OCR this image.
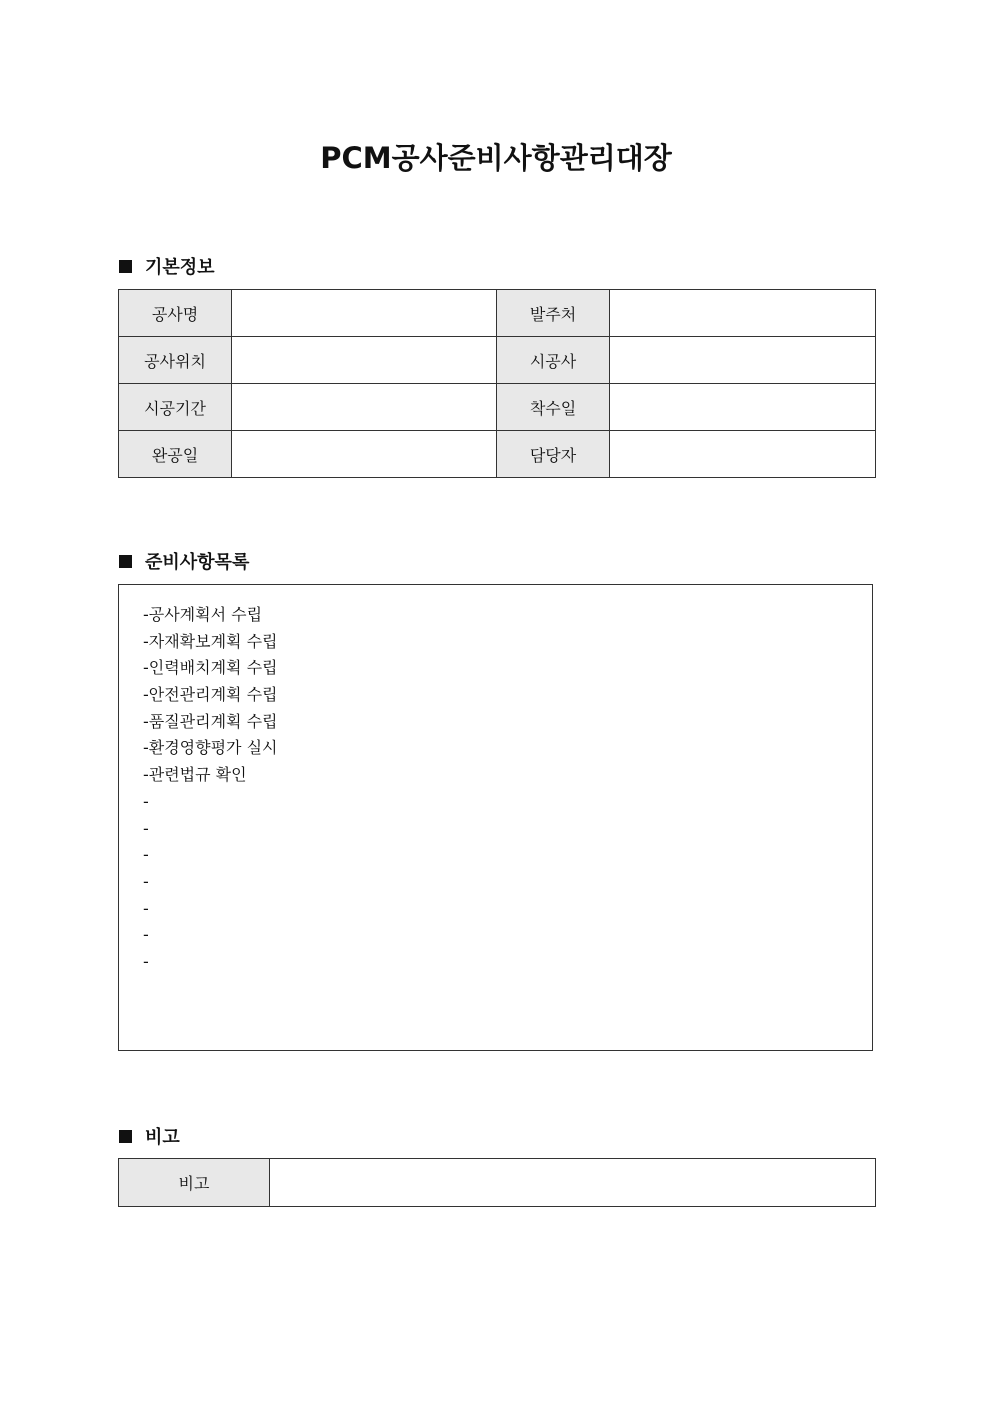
PCM공사준비사항관리대장
기본정보
공사명		발주처	
공사위치		시공사	
시공기간		착수일	
완공일		담당자	
준비사항목록
-공사계획서 수립
-자재확보계획 수립
-인력배치계획 수립
-안전관리계획 수립
-품질관리계획 수립
-환경영향평가 실시
-관련법규 확인
-
-
-
-
-
-
-
비고
비고	
